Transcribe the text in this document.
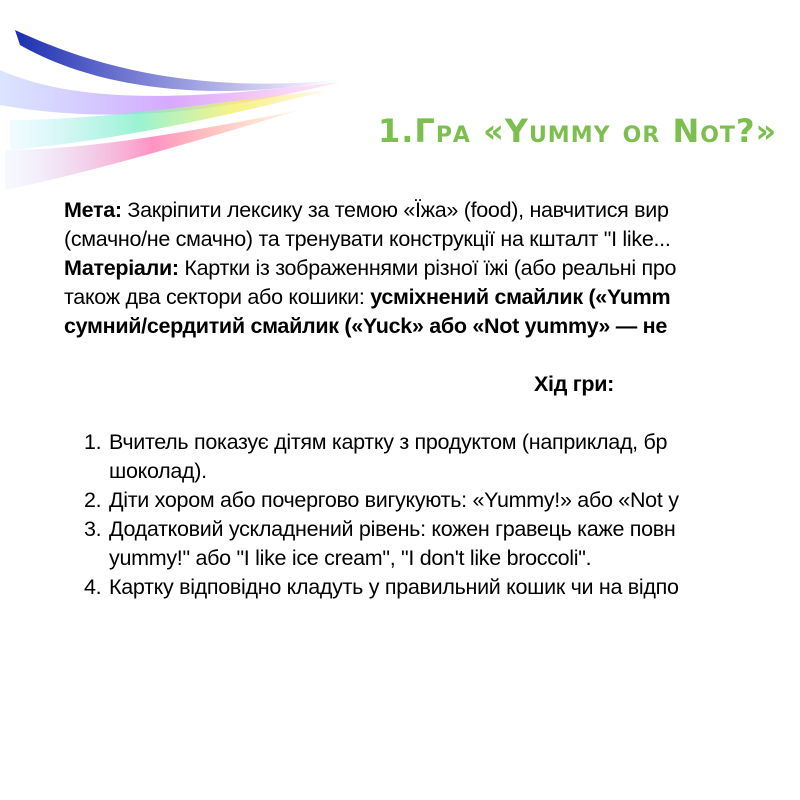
1.Гра «Yummy or Not?»
Мета: Закріпити лексику за темою «Їжа» (food), навчитися вир
(смачно/не смачно) та тренувати конструкції на кшталт "I like...
Матеріали: Картки із зображеннями різної їжі (або реальні про
також два сектори або кошики: усміхнений смайлик («Yumm
сумний/сердитий смайлик («Yuck» або «Not yummy» — не
Хід гри:
1. Вчитель показує дітям картку з продуктом (наприклад, бр
шоколад).
2. Діти хором або почергово вигукують: «Yummy!» або «Not y
3. Додатковий ускладнений рівень: кожен гравець каже повн
yummy!" або "I like ice cream", "I don't like broccoli".
4. Картку відповідно кладуть у правильний кошик чи на відпо
